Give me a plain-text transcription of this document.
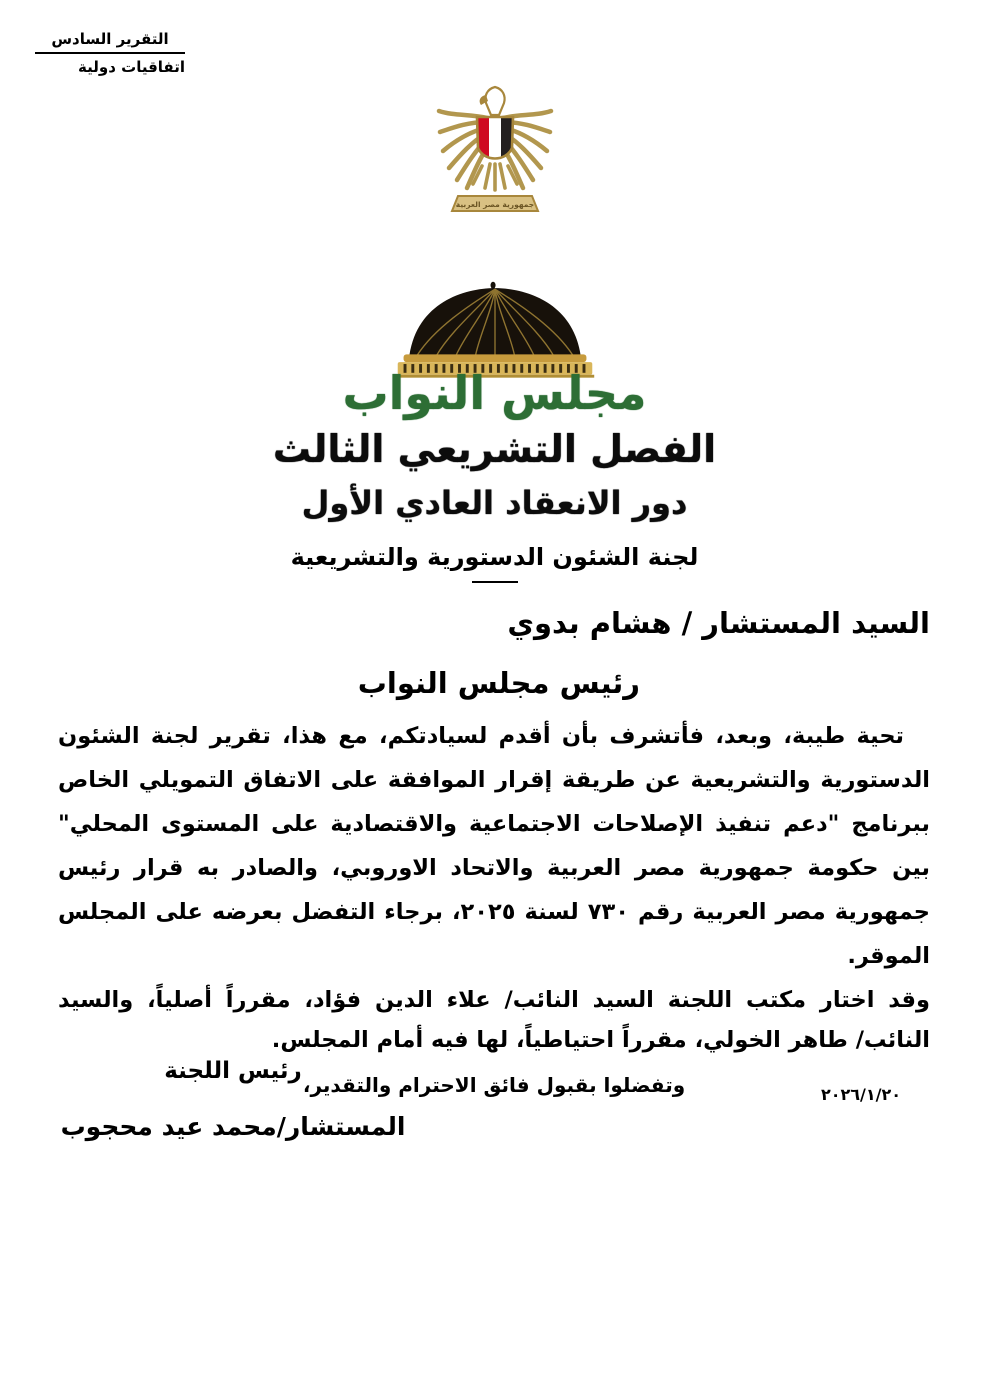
التقرير السادس
اتفاقيات دولية
جمهورية مصر العربية
مجلس النواب
الفصل التشريعي الثالث
دور الانعقاد العادي الأول
لجنة الشئون الدستورية والتشريعية
السيد المستشار / هشام بدوي
رئيس مجلس النواب

تحية طيبة، وبعد، فأتشرف بأن أقدم لسيادتكم، مع هذا، تقرير لجنة الشئون الدستورية والتشريعية عن طريقة إقرار الموافقة على الاتفاق التمويلي الخاص ببرنامج "دعم تنفيذ الإصلاحات الاجتماعية والاقتصادية على المستوى المحلي" بين حكومة جمهورية مصر العربية والاتحاد الاوروبي، والصادر به قرار رئيس جمهورية مصر العربية رقم ٧٣٠ لسنة ٢٠٢٥، برجاء التفضل بعرضه على المجلس الموقر.

وقد اختار مكتب اللجنة السيد النائب/ علاء الدين فؤاد، مقرراً أصلياً، والسيد النائب/ طاهر الخولي، مقرراً احتياطياً، لها فيه أمام المجلس.

وتفضلوا بقبول فائق الاحترام والتقدير،
رئيس اللجنة
المستشار/محمد عيد محجوب
٢٠٢٦/١/٢٠
